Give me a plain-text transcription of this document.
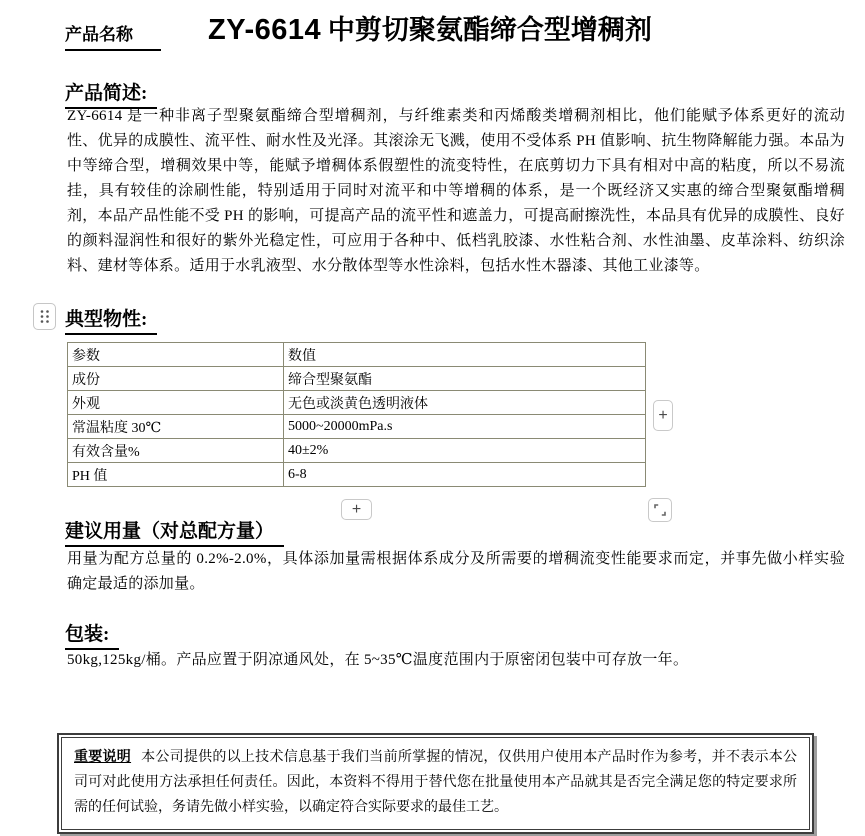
产品名称	ZY-6614 中剪切聚氨酯缔合型增稠剂
产品简述:
ZY-6614 是一种非离子型聚氨酯缔合型增稠剂，与纤维素类和丙烯酸类增稠剂相比，他们能赋予体系更好的流动性、优异的成膜性、流平性、耐水性及光泽。其滚涂无飞溅，使用不受体系 PH 值影响、抗生物降解能力强。本品为中等缔合型，增稠效果中等，能赋予增稠体系假塑性的流变特性，在底剪切力下具有相对中高的粘度，所以不易流挂，具有较佳的涂刷性能，特别适用于同时对流平和中等增稠的体系，是一个既经济又实惠的缔合型聚氨酯增稠剂，本品产品性能不受 PH 的影响，可提高产品的流平性和遮盖力，可提高耐擦洗性，本品具有优异的成膜性、良好的颜料湿润性和很好的紫外光稳定性，可应用于各种中、低档乳胶漆、水性粘合剂、水性油墨、皮革涂料、纺织涂料、建材等体系。适用于水乳液型、水分散体型等水性涂料，包括水性木器漆、其他工业漆等。
典型物性:
参数	数值
成份	缔合型聚氨酯
外观	无色或淡黄色透明液体
常温粘度 30℃	5000~20000mPa.s
有效含量%	40±2%
PH 值	6-8
+
+
建议用量（对总配方量）
用量为配方总量的 0.2%-2.0%，具体添加量需根据体系成分及所需要的增稠流变性能要求而定，并事先做小样实验确定最适的添加量。
包装:
50kg,125kg/桶。产品应置于阴凉通风处，在 5~35℃温度范围内于原密闭包装中可存放一年。
重要说明 本公司提供的以上技术信息基于我们当前所掌握的情况，仅供用户使用本产品时作为参考，并不表示本公司可对此使用方法承担任何责任。因此，本资料不得用于替代您在批量使用本产品就其是否完全满足您的特定要求所需的任何试验，务请先做小样实验，以确定符合实际要求的最佳工艺。
